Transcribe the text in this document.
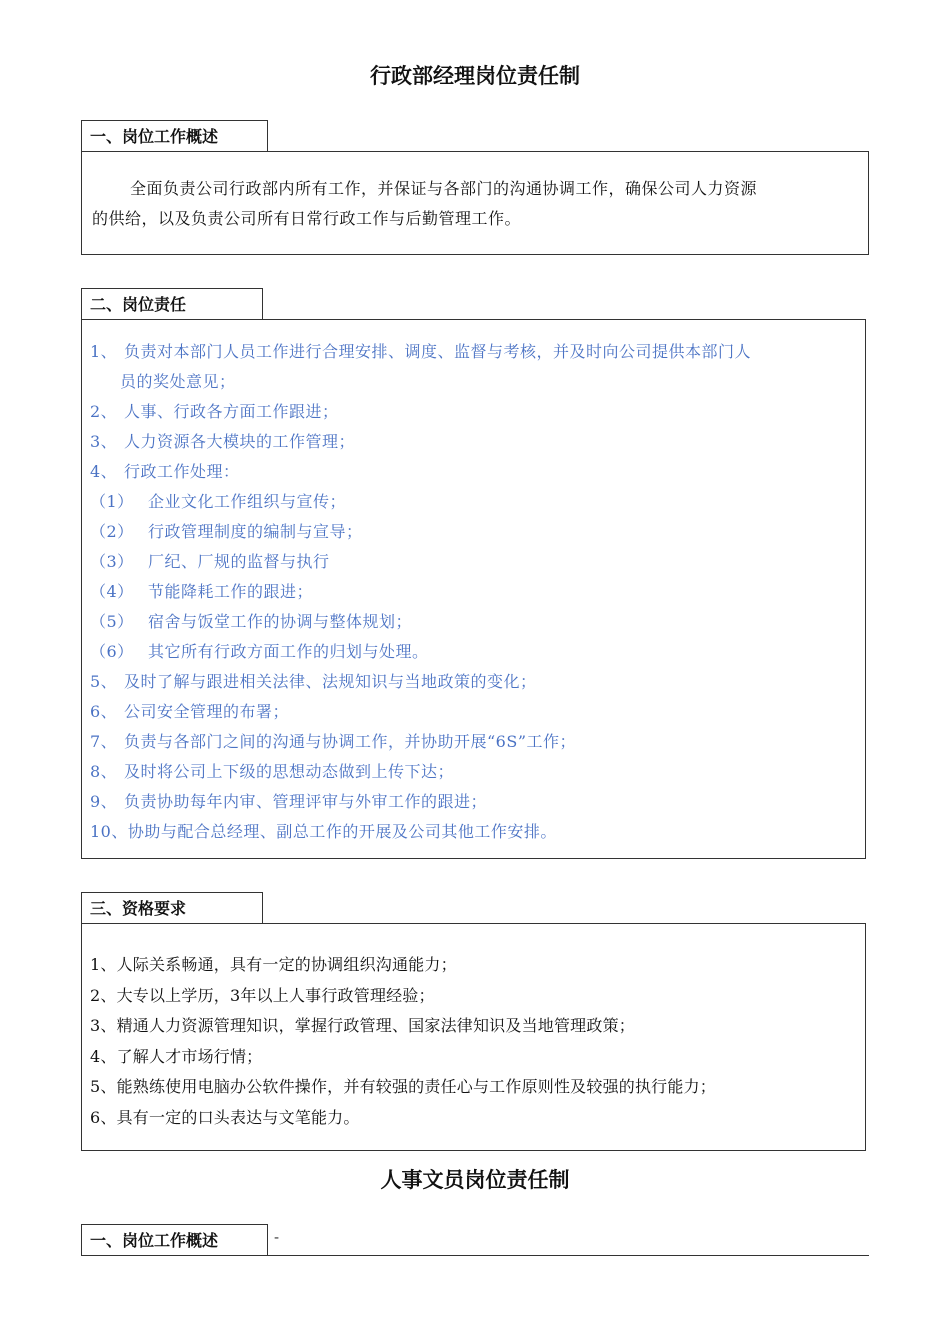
行政部经理岗位责任制
一、岗位工作概述
全面负责公司行政部内所有工作，并保证与各部门的沟通协调工作，确保公司人力资源
的供给，以及负责公司所有日常行政工作与后勤管理工作。
二、岗位责任
1、 负责对本部门人员工作进行合理安排、调度、监督与考核，并及时向公司提供本部门人
员的奖处意见；
2、 人事、行政各方面工作跟进；
3、 人力资源各大模块的工作管理；
4、 行政工作处理：
（1） 企业文化工作组织与宣传；
（2） 行政管理制度的编制与宣导；
（3） 厂纪、厂规的监督与执行
（4） 节能降耗工作的跟进；
（5） 宿舍与饭堂工作的协调与整体规划；
（6） 其它所有行政方面工作的归划与处理。
5、 及时了解与跟进相关法律、法规知识与当地政策的变化；
6、 公司安全管理的布署；
7、 负责与各部门之间的沟通与协调工作，并协助开展“6S”工作；
8、 及时将公司上下级的思想动态做到上传下达；
9、 负责协助每年内审、管理评审与外审工作的跟进；
10、协助与配合总经理、副总工作的开展及公司其他工作安排。
三、资格要求
1、人际关系畅通，具有一定的协调组织沟通能力；
2、大专以上学历，3年以上人事行政管理经验；
3、精通人力资源管理知识，掌握行政管理、国家法律知识及当地管理政策；
4、了解人才市场行情；
5、能熟练使用电脑办公软件操作，并有较强的责任心与工作原则性及较强的执行能力；
6、具有一定的口头表达与文笔能力。
人事文员岗位责任制
一、岗位工作概述	-
